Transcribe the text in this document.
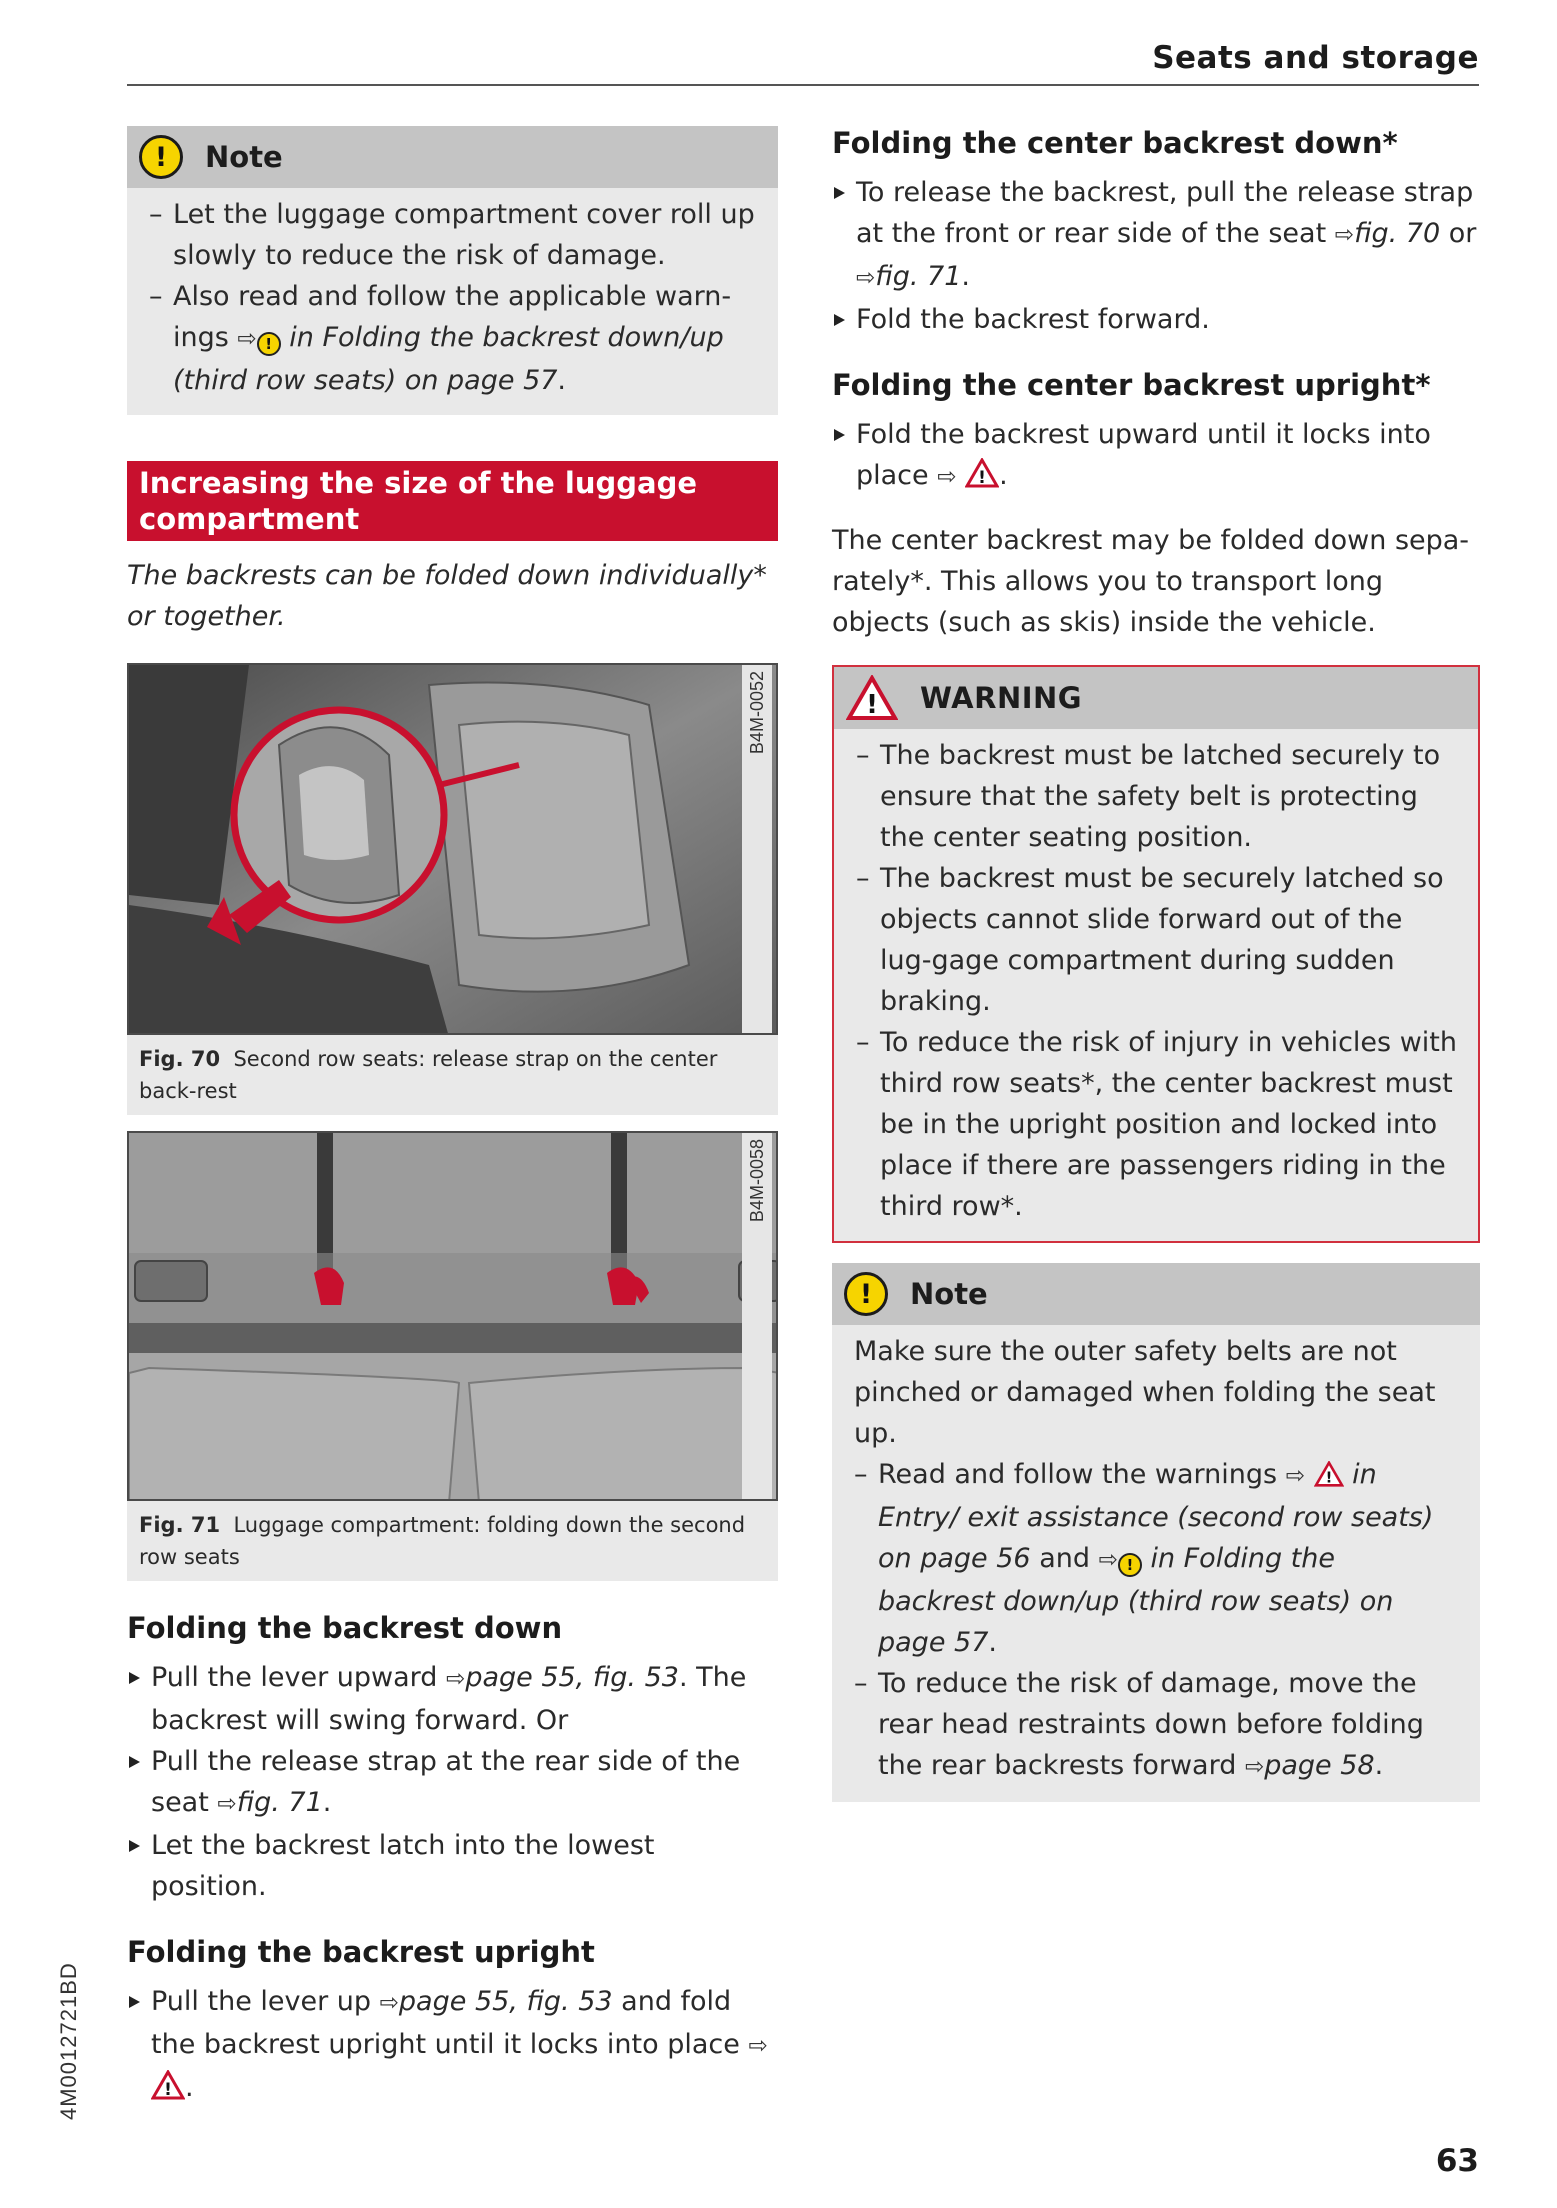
Seats and storage
!	Note
– Let the luggage compartment cover roll up slowly to reduce the risk of damage.
– Also read and follow the applicable warn-ings ⇨ ! in Folding the backrest down/up (third row seats) on page 57.
Increasing the size of the luggage compartment
The backrests can be folded down individually* or together.
B4M-0052
Fig. 70 Second row seats: release strap on the center back-rest
B4M-0058
Fig. 71 Luggage compartment: folding down the second row seats
Folding the backrest down
Pull the lever upward ⇨page 55, fig. 53. The backrest will swing forward. Or
Pull the release strap at the rear side of the seat ⇨fig. 71.
Let the backrest latch into the lowest position.
Folding the backrest upright
Pull the lever up ⇨page 55, fig. 53 and fold the backrest upright until it locks into place ⇨
! .
Folding the center backrest down*
To release the backrest, pull the release strap at the front or rear side of the seat ⇨fig. 70 or ⇨fig. 71.
Fold the backrest forward.
Folding the center backrest upright*
Fold the backrest upward until it locks into place ⇨ ! .
The center backrest may be folded down sepa-rately*. This allows you to transport long objects (such as skis) inside the vehicle.
! WARNING
– The backrest must be latched securely to ensure that the safety belt is protecting the center seating position.
– The backrest must be securely latched so objects cannot slide forward out of the lug-gage compartment during sudden braking.
– To reduce the risk of injury in vehicles with third row seats*, the center backrest must be in the upright position and locked into place if there are passengers riding in the third row*.
!	Note
Make sure the outer safety belts are not pinched or damaged when folding the seat up.
– Read and follow the warnings ⇨ ! in Entry/ exit assistance (second row seats) on page 56 and ⇨ ! in Folding the backrest down/up (third row seats) on page 57.
– To reduce the risk of damage, move the rear head restraints down before folding the rear backrests forward ⇨page 58.
4M0012721BD
63
